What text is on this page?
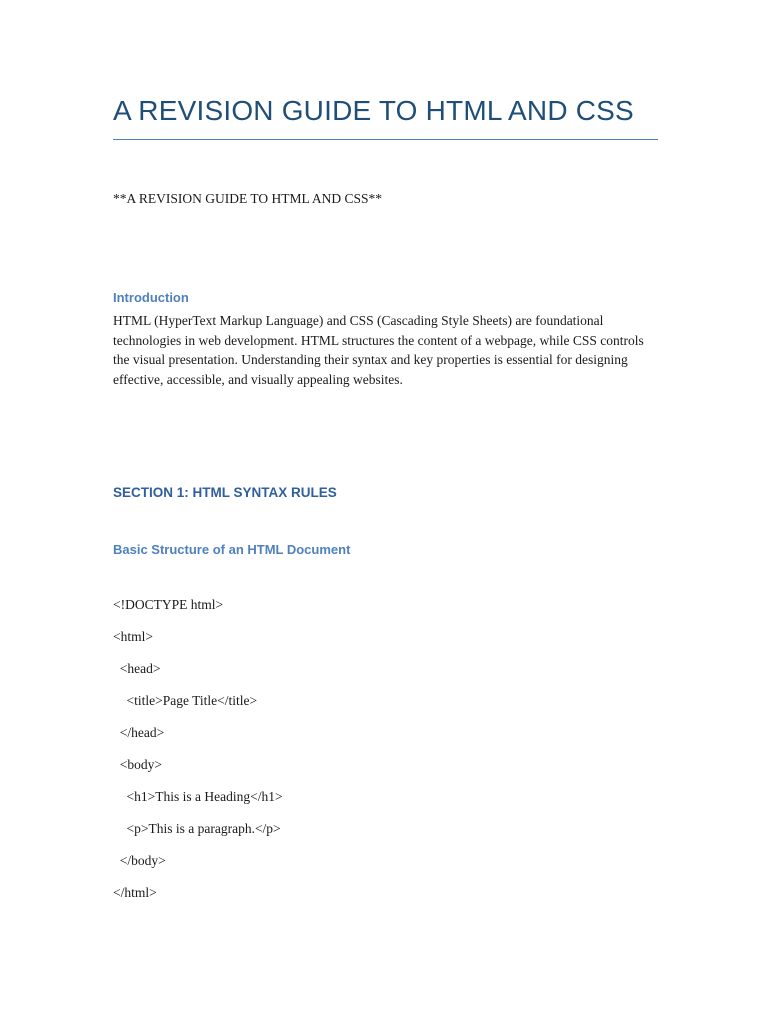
A REVISION GUIDE TO HTML AND CSS
**A REVISION GUIDE TO HTML AND CSS**
Introduction
HTML (HyperText Markup Language) and CSS (Cascading Style Sheets) are foundational technologies in web development. HTML structures the content of a webpage, while CSS controls the visual presentation. Understanding their syntax and key properties is essential for designing effective, accessible, and visually appealing websites.
SECTION 1: HTML SYNTAX RULES
Basic Structure of an HTML Document
<!DOCTYPE html>
<html>
<head>
<title>Page Title</title>
</head>
<body>
<h1>This is a Heading</h1>
<p>This is a paragraph.</p>
</body>
</html>
